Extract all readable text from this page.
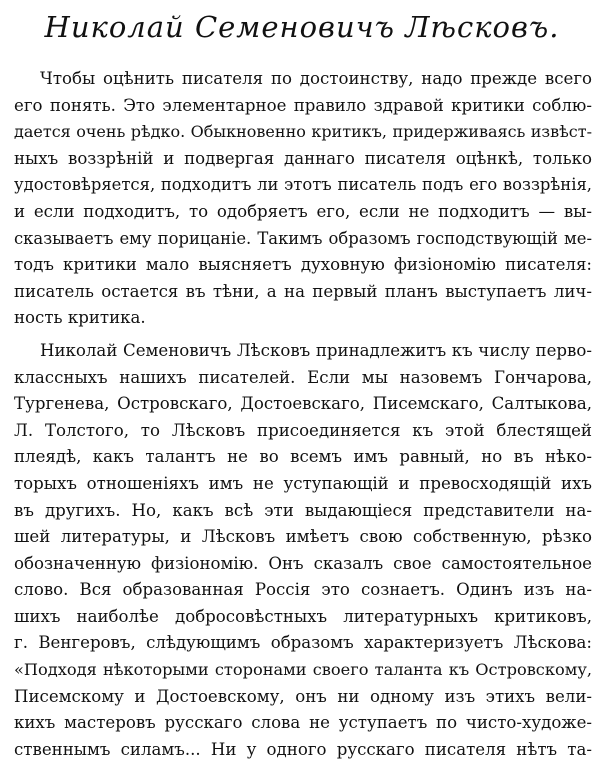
Николай Семеновичъ Лѣсковъ.
Чтобы оцѣнить писателя по достоинству, надо прежде всего
его понять. Это элементарное правило здравой критики соблю-
дается очень рѣдко. Обыкновенно критикъ, придерживаясь извѣст-
ныхъ воззрѣній и подвергая даннаго писателя оцѣнкѣ, только
удостовѣряется, подходитъ ли этотъ писатель подъ его воззрѣнія,
и если подходитъ, то одобряетъ его, если не подходитъ — вы-
сказываетъ ему порицаніе. Такимъ образомъ господствующій ме-
тодъ критики мало выясняетъ духовную физіономію писателя:
писатель остается въ тѣни, а на первый планъ выступаетъ лич-
ность критика.
Николай Семеновичъ Лѣсковъ принадлежитъ къ числу перво-
классныхъ нашихъ писателей. Если мы назовемъ Гончарова,
Тургенева, Островскаго, Достоевскаго, Писемскаго, Салтыкова,
Л. Толстого, то Лѣсковъ присоединяется къ этой блестящей
плеядѣ, какъ талантъ не во всемъ имъ равный, но въ нѣко-
торыхъ отношеніяхъ имъ не уступающій и превосходящій ихъ
въ другихъ. Но, какъ всѣ эти выдающіеся представители на-
шей литературы, и Лѣсковъ имѣетъ свою собственную, рѣзко
обозначенную физіономію. Онъ сказалъ свое самостоятельное
слово. Вся образованная Россія это сознаетъ. Одинъ изъ на-
шихъ наиболѣе добросовѣстныхъ литературныхъ критиковъ,
г. Венгеровъ, слѣдующимъ образомъ характеризуетъ Лѣскова:
«Подходя нѣкоторыми сторонами своего таланта къ Островскому,
Писемскому и Достоевскому, онъ ни одному изъ этихъ вели-
кихъ мастеровъ русскаго слова не уступаетъ по чисто-художе-
ственнымъ силамъ... Ни у одного русскаго писателя нѣтъ та-
